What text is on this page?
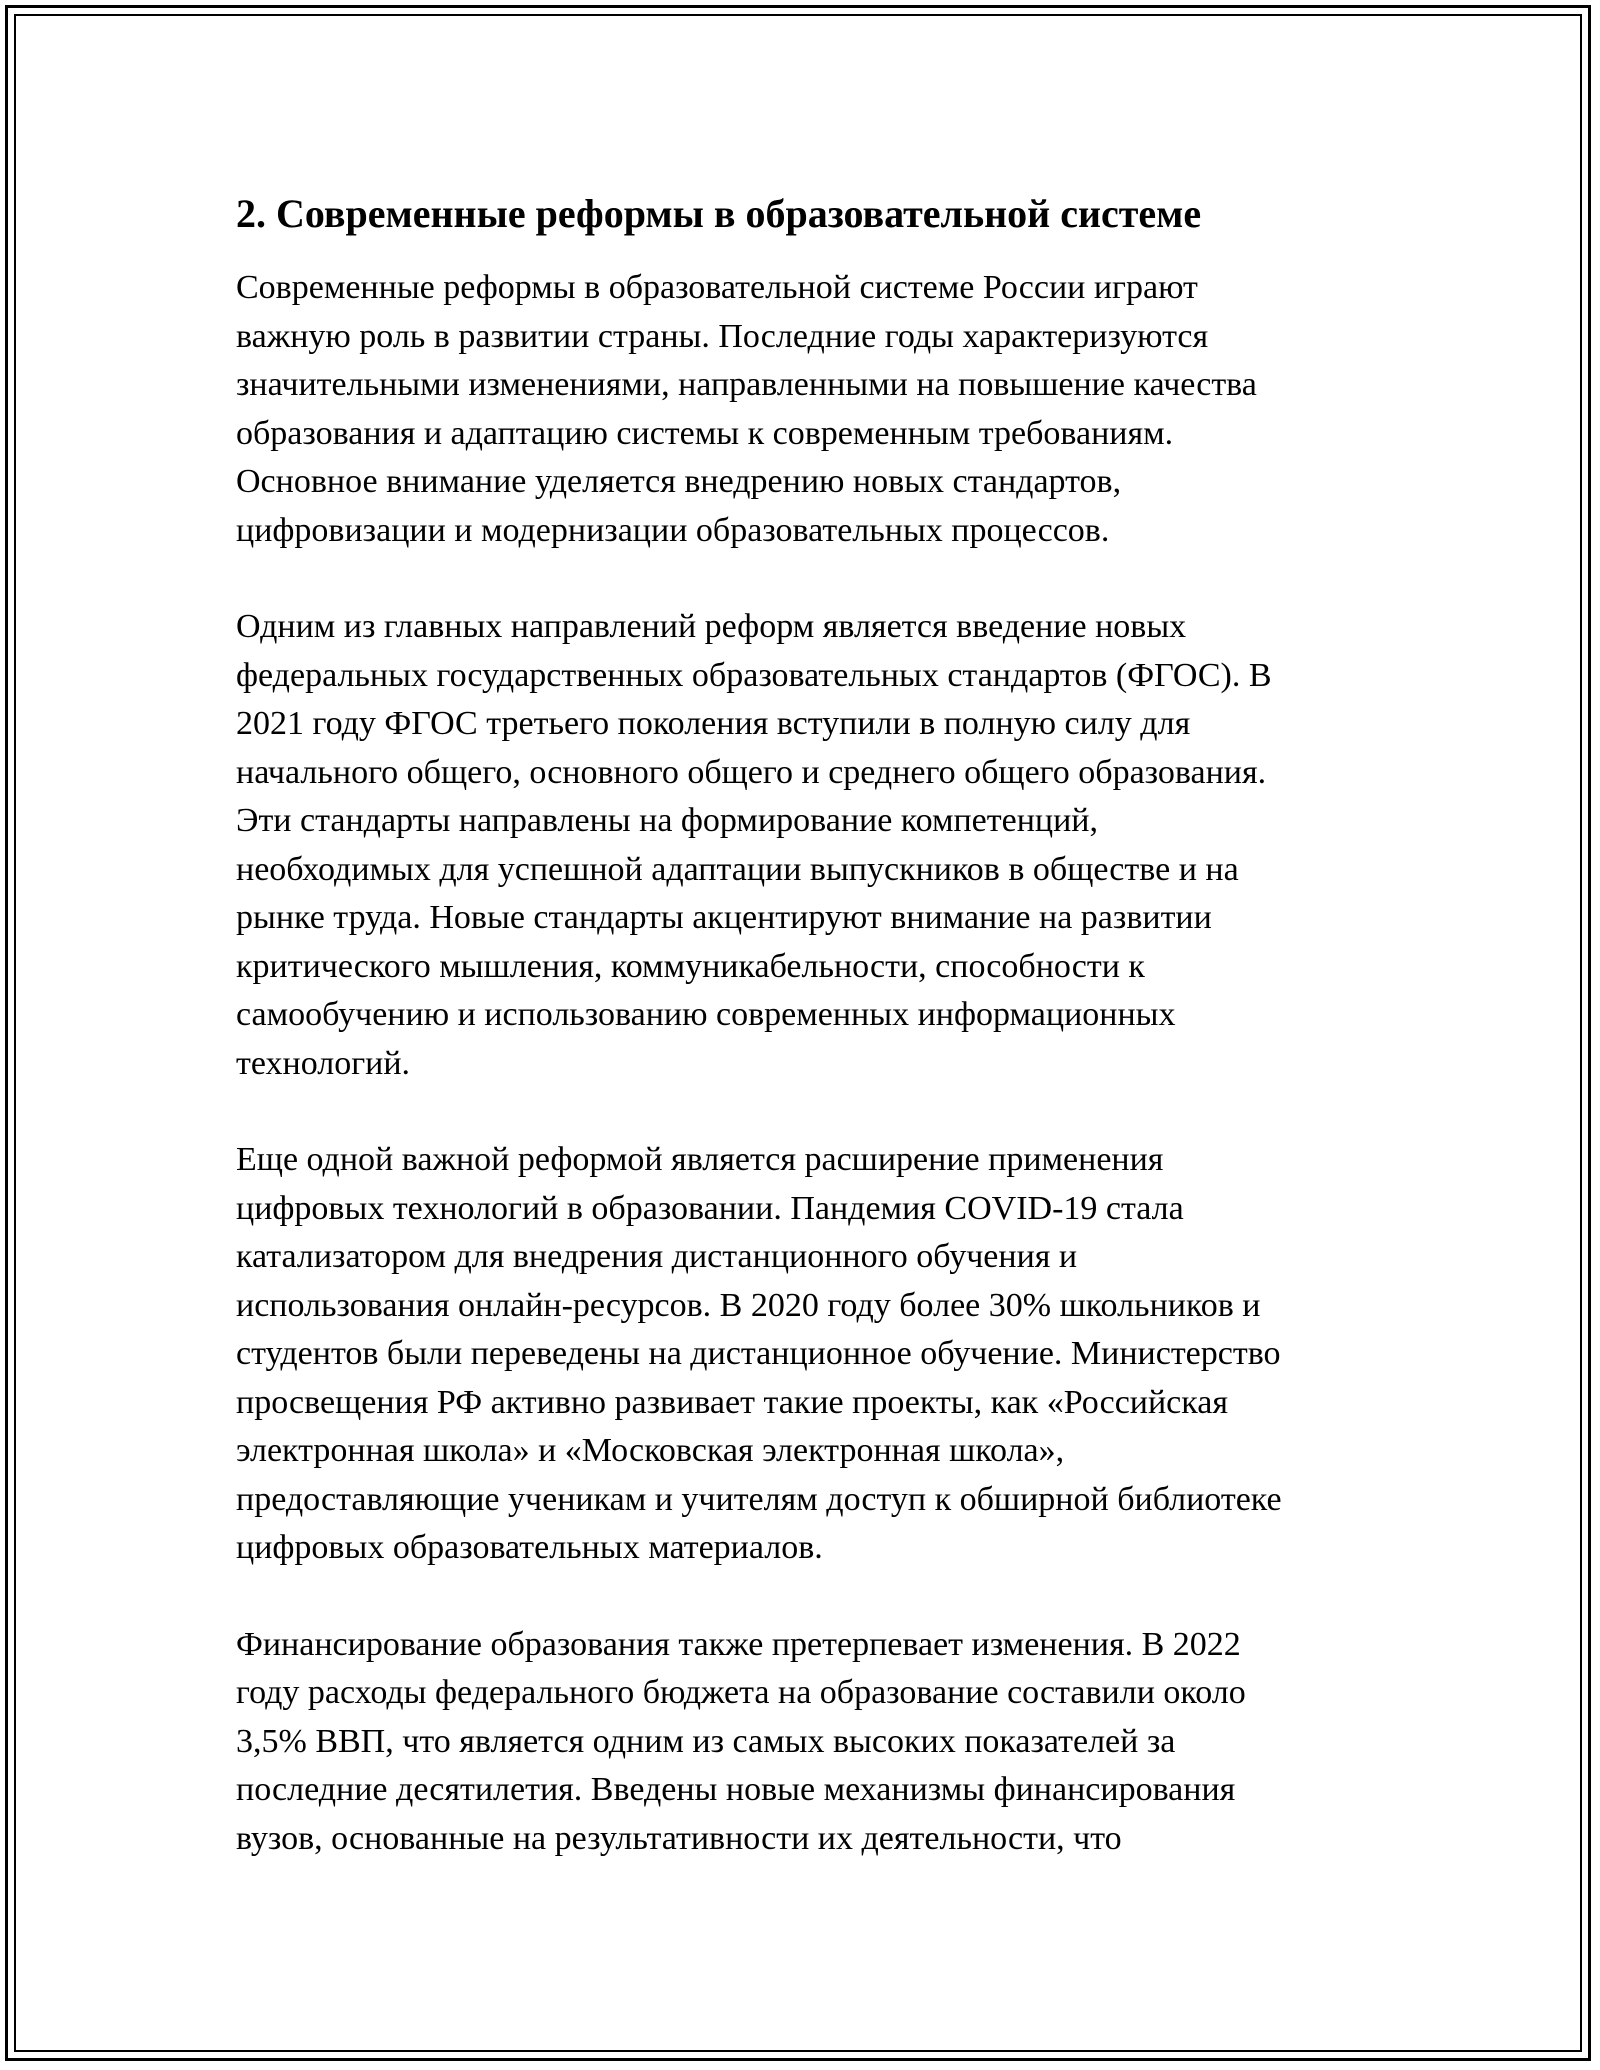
2. Современные реформы в образовательной системе

Современные реформы в образовательной системе России играют
важную роль в развитии страны. Последние годы характеризуются
значительными изменениями, направленными на повышение качества
образования и адаптацию системы к современным требованиям.
Основное внимание уделяется внедрению новых стандартов,
цифровизации и модернизации образовательных процессов.

Одним из главных направлений реформ является введение новых
федеральных государственных образовательных стандартов (ФГОС). В
2021 году ФГОС третьего поколения вступили в полную силу для
начального общего, основного общего и среднего общего образования.
Эти стандарты направлены на формирование компетенций,
необходимых для успешной адаптации выпускников в обществе и на
рынке труда. Новые стандарты акцентируют внимание на развитии
критического мышления, коммуникабельности, способности к
самообучению и использованию современных информационных
технологий.

Еще одной важной реформой является расширение применения
цифровых технологий в образовании. Пандемия COVID-19 стала
катализатором для внедрения дистанционного обучения и
использования онлайн-ресурсов. В 2020 году более 30% школьников и
студентов были переведены на дистанционное обучение. Министерство
просвещения РФ активно развивает такие проекты, как «Российская
электронная школа» и «Московская электронная школа»,
предоставляющие ученикам и учителям доступ к обширной библиотеке
цифровых образовательных материалов.

Финансирование образования также претерпевает изменения. В 2022
году расходы федерального бюджета на образование составили около
3,5% ВВП, что является одним из самых высоких показателей за
последние десятилетия. Введены новые механизмы финансирования
вузов, основанные на результативности их деятельности, что
